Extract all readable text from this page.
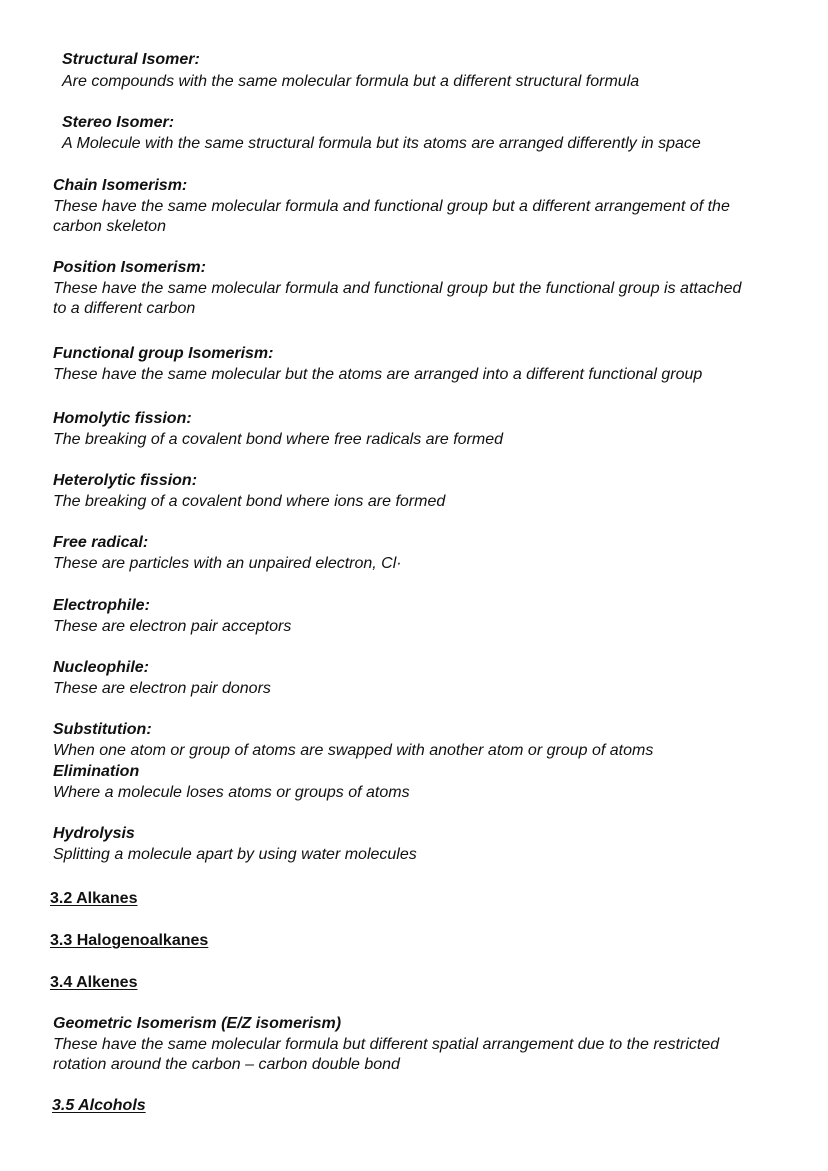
Structural Isomer:
Are compounds with the same molecular formula but a different structural formula
Stereo Isomer:
A Molecule with the same structural formula but its atoms are arranged differently in space
Chain Isomerism:
These have the same molecular formula and functional group but a different arrangement of the
carbon skeleton
Position Isomerism:
These have the same molecular formula and functional group but the functional group is attached
to a different carbon
Functional group Isomerism:
These have the same molecular but the atoms are arranged into a different functional group
Homolytic fission:
The breaking of a covalent bond where free radicals are formed
Heterolytic fission:
The breaking of a covalent bond where ions are formed
Free radical:
These are particles with an unpaired electron, Cl·
Electrophile:
These are electron pair acceptors
Nucleophile:
These are electron pair donors
Substitution:
When one atom or group of atoms are swapped with another atom or group of atoms
Elimination
Where a molecule loses atoms or groups of atoms
Hydrolysis
Splitting a molecule apart by using water molecules
3.2 Alkanes
3.3 Halogenoalkanes
3.4 Alkenes
Geometric Isomerism (E/Z isomerism)
These have the same molecular formula but different spatial arrangement due to the restricted
rotation around the carbon – carbon double bond
3.5 Alcohols
